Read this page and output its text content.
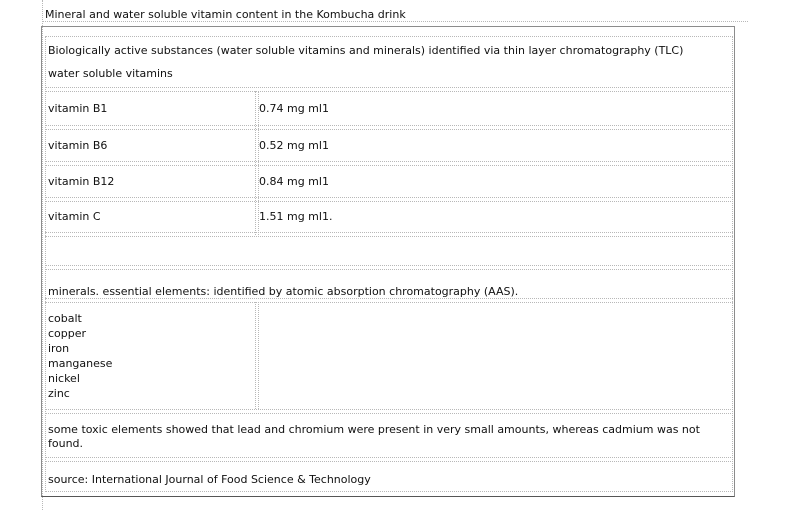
Mineral and water soluble vitamin content in the Kombucha drink
Biologically active substances (water soluble vitamins and minerals) identified via thin layer chromatography (TLC)
water soluble vitamins
vitamin B1	0.74 mg ml1
vitamin B6	0.52 mg ml1
vitamin B12	0.84 mg ml1
vitamin C	1.51 mg ml1.
minerals. essential elements: identified by atomic absorption chromatography (AAS).
cobalt
copper
iron
manganese
nickel
zinc
some toxic elements showed that lead and chromium were present in very small amounts, whereas cadmium was not found.
source: International Journal of Food Science & Technology
